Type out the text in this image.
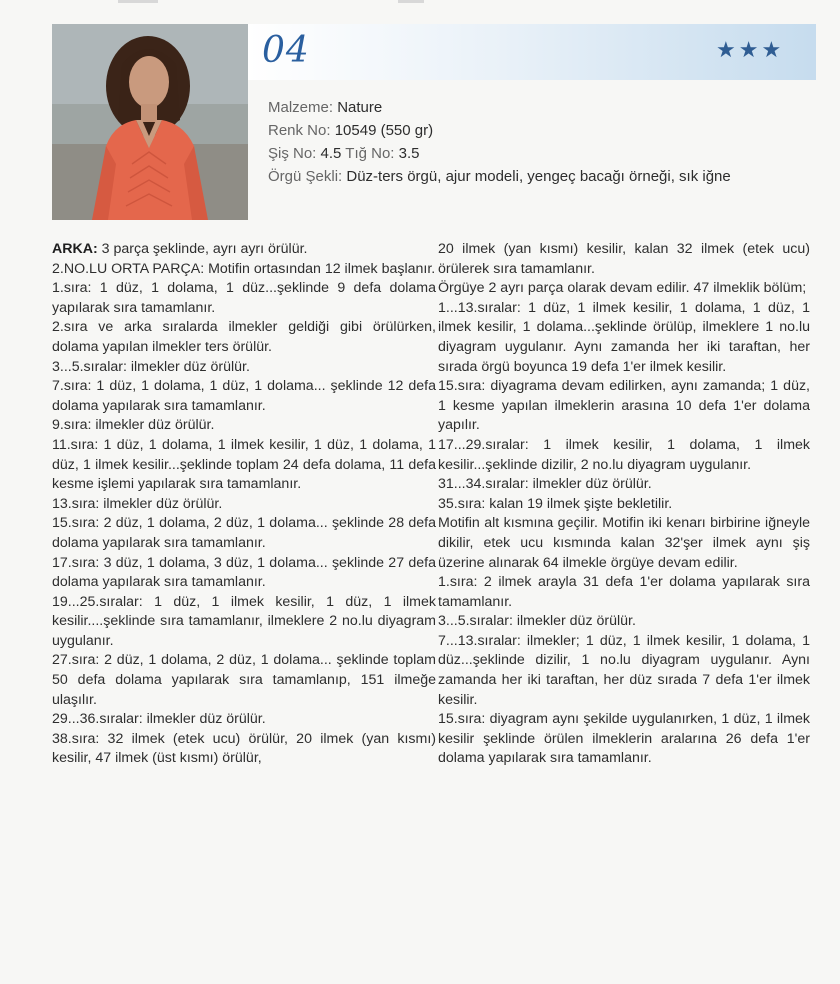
04	★★★
Malzeme: Nature
Renk No: 10549 (550 gr)
Şiş No: 4.5 Tığ No: 3.5
Örgü Şekli: Düz-ters örgü, ajur modeli, yengeç bacağı örneği, sık iğne

ARKA: 3 parça şeklinde, ayrı ayrı örülür.

2.NO.LU ORTA PARÇA: Motifin ortasından 12 ilmek başlanır.

1.sıra: 1 düz, 1 dolama, 1 düz...şeklinde 9 defa dolama yapılarak sıra tamamlanır.

2.sıra ve arka sıralarda ilmekler geldiği gibi örülürken, dolama yapılan ilmekler ters örülür.

3...5.sıralar: ilmekler düz örülür.

7.sıra: 1 düz, 1 dolama, 1 düz, 1 dolama... şeklinde 12 defa dolama yapılarak sıra tamamlanır.

9.sıra: ilmekler düz örülür.

11.sıra: 1 düz, 1 dolama, 1 ilmek kesilir, 1 düz, 1 dolama, 1 düz, 1 ilmek kesilir...şeklinde toplam 24 defa dolama, 11 defa kesme işlemi yapılarak sıra tamamlanır.

13.sıra: ilmekler düz örülür.

15.sıra: 2 düz, 1 dolama, 2 düz, 1 dolama... şeklinde 28 defa dolama yapılarak sıra tamamlanır.

17.sıra: 3 düz, 1 dolama, 3 düz, 1 dolama... şeklinde 27 defa dolama yapılarak sıra tamamlanır.

19...25.sıralar: 1 düz, 1 ilmek kesilir, 1 düz, 1 ilmek kesilir....şeklinde sıra tamamlanır, ilmeklere 2 no.lu diyagram uygulanır.

27.sıra: 2 düz, 1 dolama, 2 düz, 1 dolama... şeklinde toplam 50 defa dolama yapılarak sıra tamamlanıp, 151 ilmeğe ulaşılır.

29...36.sıralar: ilmekler düz örülür.

38.sıra: 32 ilmek (etek ucu) örülür, 20 ilmek (yan kısmı) kesilir, 47 ilmek (üst kısmı) örülür,

20 ilmek (yan kısmı) kesilir, kalan 32 ilmek (etek ucu) örülerek sıra tamamlanır.

Örgüye 2 ayrı parça olarak devam edilir. 47 ilmeklik bölüm;

1...13.sıralar: 1 düz, 1 ilmek kesilir, 1 dolama, 1 düz, 1 ilmek kesilir, 1 dolama...şeklinde örülüp, ilmeklere 1 no.lu diyagram uygulanır. Aynı zamanda her iki taraftan, her sırada örgü boyunca 19 defa 1'er ilmek kesilir.

15.sıra: diyagrama devam edilirken, aynı zamanda; 1 düz, 1 kesme yapılan ilmeklerin arasına 10 defa 1'er dolama yapılır.

17...29.sıralar: 1 ilmek kesilir, 1 dolama, 1 ilmek kesilir...şeklinde dizilir, 2 no.lu diyagram uygulanır.

31...34.sıralar: ilmekler düz örülür.

35.sıra: kalan 19 ilmek şişte bekletilir.

Motifin alt kısmına geçilir. Motifin iki kenarı birbirine iğneyle dikilir, etek ucu kısmında kalan 32'şer ilmek aynı şiş üzerine alınarak 64 ilmekle örgüye devam edilir.

1.sıra: 2 ilmek arayla 31 defa 1'er dolama yapılarak sıra tamamlanır.

3...5.sıralar: ilmekler düz örülür.

7...13.sıralar: ilmekler; 1 düz, 1 ilmek kesilir, 1 dolama, 1 düz...şeklinde dizilir, 1 no.lu diyagram uygulanır. Aynı zamanda her iki taraftan, her düz sırada 7 defa 1'er ilmek kesilir.

15.sıra: diyagram aynı şekilde uygulanırken, 1 düz, 1 ilmek kesilir şeklinde örülen ilmeklerin aralarına 26 defa 1'er dolama yapılarak sıra tamamlanır.
